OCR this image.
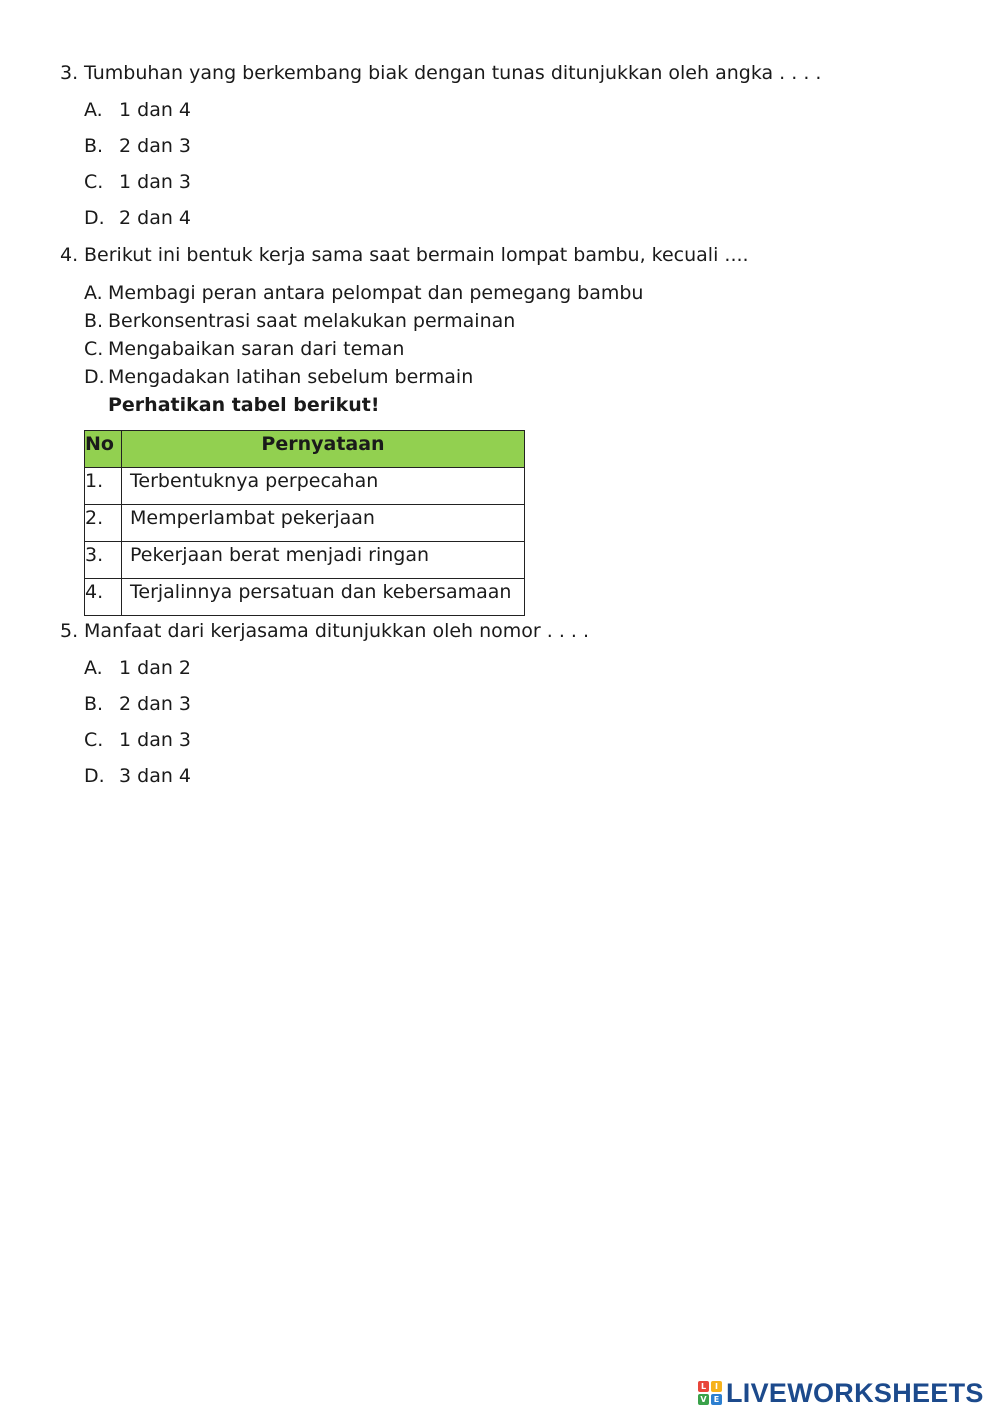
3. Tumbuhan yang berkembang biak dengan tunas ditunjukkan oleh angka . . . .
A. 1 dan 4
B. 2 dan 3
C. 1 dan 3
D. 2 dan 4
4. Berikut ini bentuk kerja sama saat bermain lompat bambu, kecuali ....
A. Membagi peran antara pelompat dan pemegang bambu
B. Berkonsentrasi saat melakukan permainan
C. Mengabaikan saran dari teman
D. Mengadakan latihan sebelum bermain
Perhatikan tabel berikut!
No	Pernyataan
1.	Terbentuknya perpecahan
2.	Memperlambat pekerjaan
3.	Pekerjaan berat menjadi ringan
4.	Terjalinnya persatuan dan kebersamaan
5. Manfaat dari kerjasama ditunjukkan oleh nomor . . . .
A. 1 dan 2
B. 2 dan 3
C. 1 dan 3
D. 3 dan 4
L	I
V E LIVEWORKSHEETS
